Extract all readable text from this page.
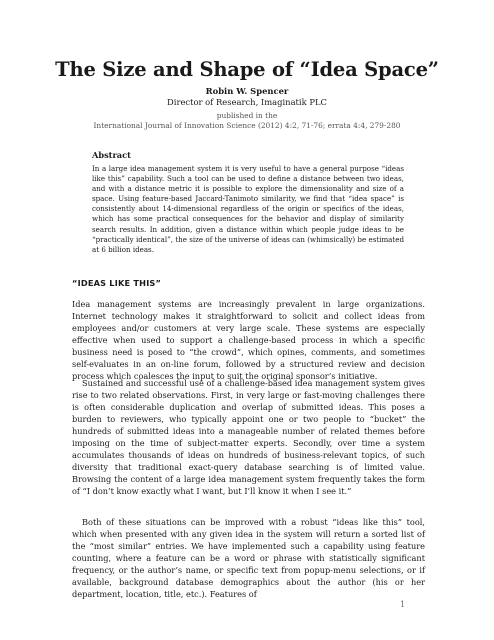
The Size and Shape of “Idea Space”
Robin W. Spencer
Director of Research, Imaginatik PLC
published in the
International Journal of Innovation Science (2012) 4:2, 71-76; errata 4:4, 279-280
Abstract
In a large idea management system it is very useful to have a general purpose “ideas like this” capability. Such a tool can be used to define a distance between two ideas, and with a distance metric it is possible to explore the dimensionality and size of a space. Using feature-based Jaccard-Tanimoto similarity, we find that “idea space” is consistently about 14-dimensional regardless of the origin or specifics of the ideas, which has some practical consequences for the behavior and display of similarity search results. In addition, given a distance within which people judge ideas to be “practically identical”, the size of the universe of ideas can (whimsically) be estimated at 6 billion ideas.
“IDEAS LIKE THIS”

Idea management systems are increasingly prevalent in large organizations. Internet technology makes it straightforward to solicit and collect ideas from employees and/or customers at very large scale. These systems are especially effective when used to support a challenge-based process in which a specific business need is posed to “the crowd”, which opines, comments, and sometimes self-evaluates in an on-line forum, followed by a structured review and decision process which coalesces the input to suit the original sponsor’s initiative.

Sustained and successful use of a challenge-based idea management system gives rise to two related observations. First, in very large or fast-moving challenges there is often considerable duplication and overlap of submitted ideas. This poses a burden to reviewers, who typically appoint one or two people to “bucket” the hundreds of submitted ideas into a manageable number of related themes before imposing on the time of subject-matter experts. Secondly, over time a system accumulates thousands of ideas on hundreds of business-relevant topics, of such diversity that traditional exact-query database searching is of limited value. Browsing the content of a large idea management system frequently takes the form of “I don’t know exactly what I want, but I’ll know it when I see it.”

Both of these situations can be improved with a robust “ideas like this” tool, which when presented with any given idea in the system will return a sorted list of the “most similar” entries. We have implemented such a capability using feature counting, where a feature can be a word or phrase with statistically significant frequency, or the author’s name, or specific text from popup-menu selections, or if available, background database demographics about the author (his or her department, location, title, etc.). Features of

1
